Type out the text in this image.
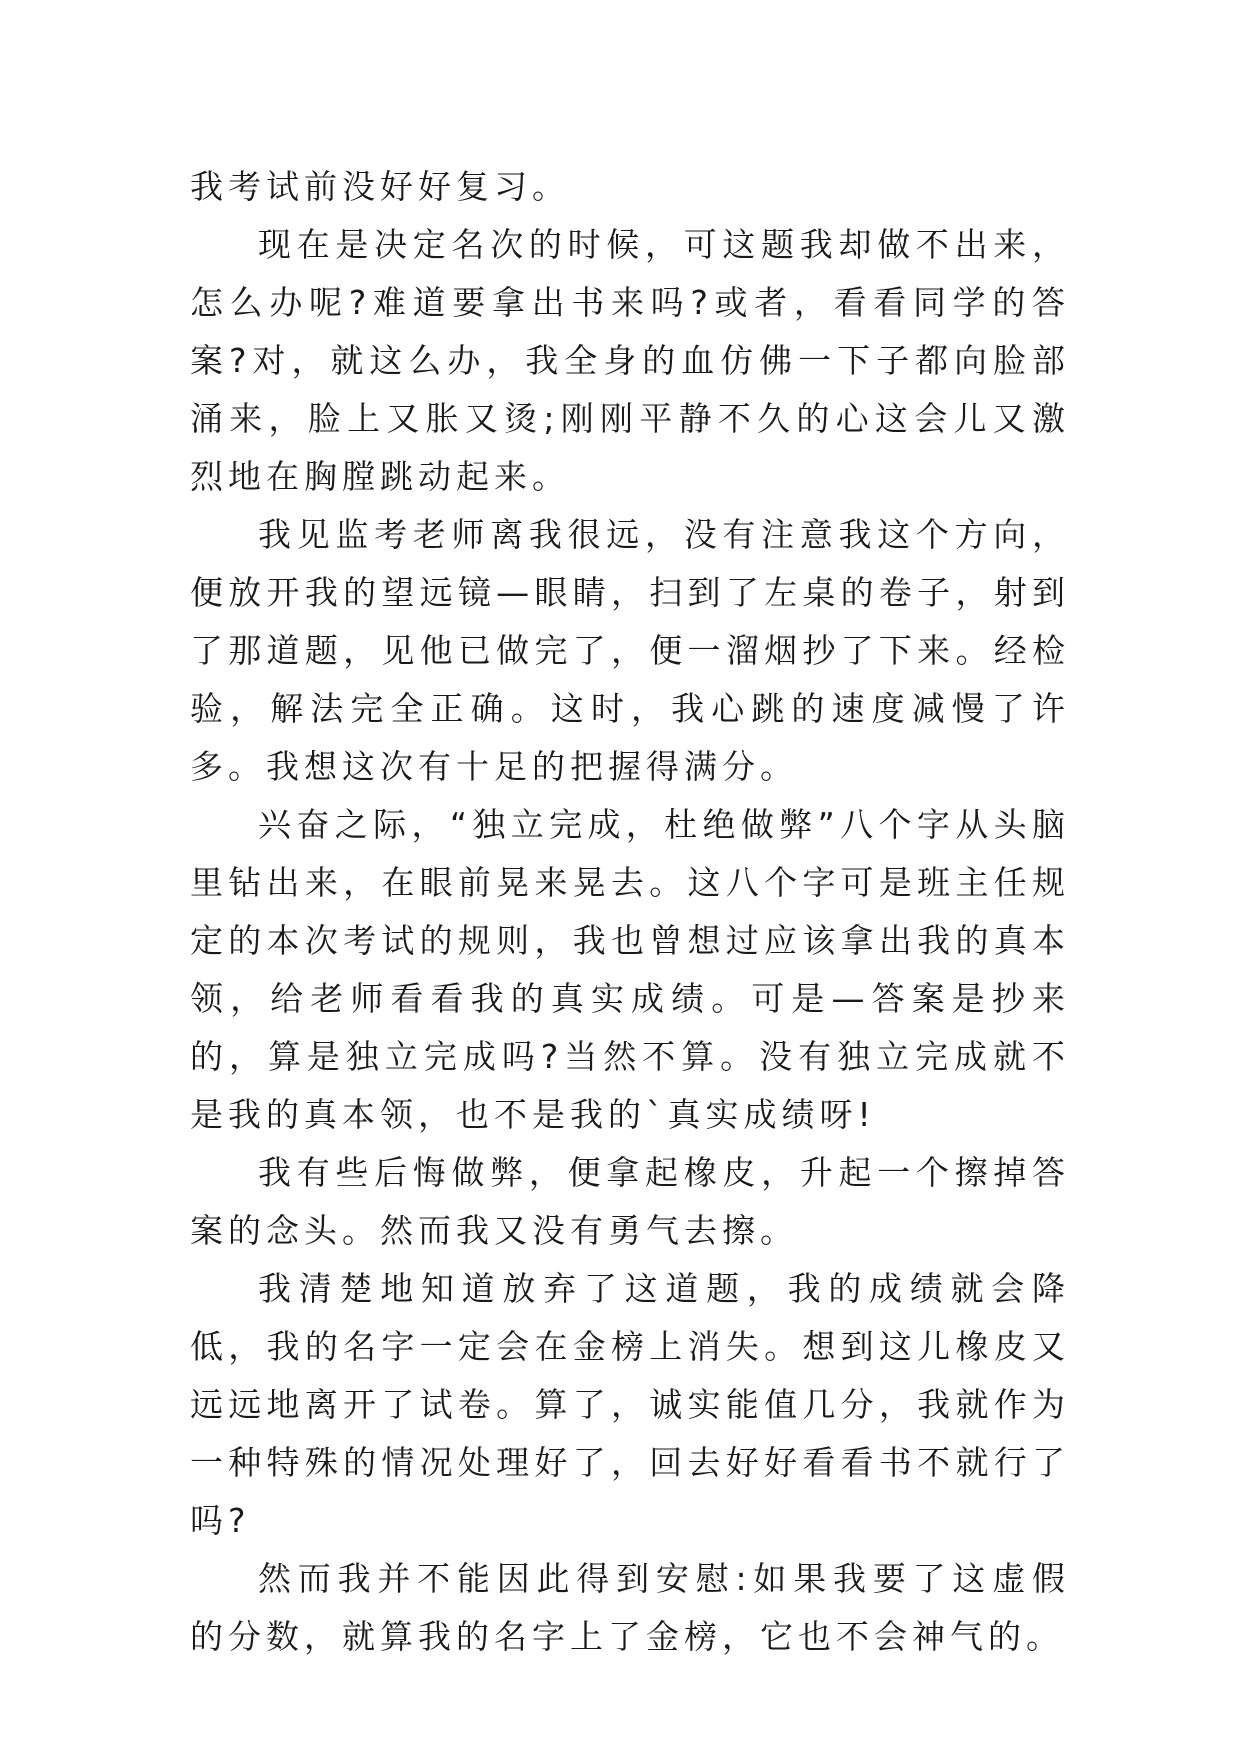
我考试前没好好复习。

现在是决定名次的时候，可这题我却做不出来，怎么办呢?难道要拿出书来吗?或者，看看同学的答案?对，就这么办，我全身的血仿佛一下子都向脸部涌来，脸上又胀又烫;刚刚平静不久的心这会儿又激烈地在胸膛跳动起来。

我见监考老师离我很远，没有注意我这个方向，便放开我的望远镜—眼睛，扫到了左桌的卷子，射到了那道题，见他已做完了，便一溜烟抄了下来。经检验，解法完全正确。这时，我心跳的速度减慢了许多。我想这次有十足的把握得满分。

兴奋之际，“独立完成，杜绝做弊”八个字从头脑里钻出来，在眼前晃来晃去。这八个字可是班主任规定的本次考试的规则，我也曾想过应该拿出我的真本领，给老师看看我的真实成绩。可是—答案是抄来的，算是独立完成吗?当然不算。没有独立完成就不是我的真本领，也不是我的`真实成绩呀!

我有些后悔做弊，便拿起橡皮，升起一个擦掉答案的念头。然而我又没有勇气去擦。

我清楚地知道放弃了这道题，我的成绩就会降低，我的名字一定会在金榜上消失。想到这儿橡皮又远远地离开了试卷。算了，诚实能值几分，我就作为一种特殊的情况处理好了，回去好好看看书不就行了吗?

然而我并不能因此得到安慰:如果我要了这虚假的分数，就算我的名字上了金榜，它也不会神气的。
